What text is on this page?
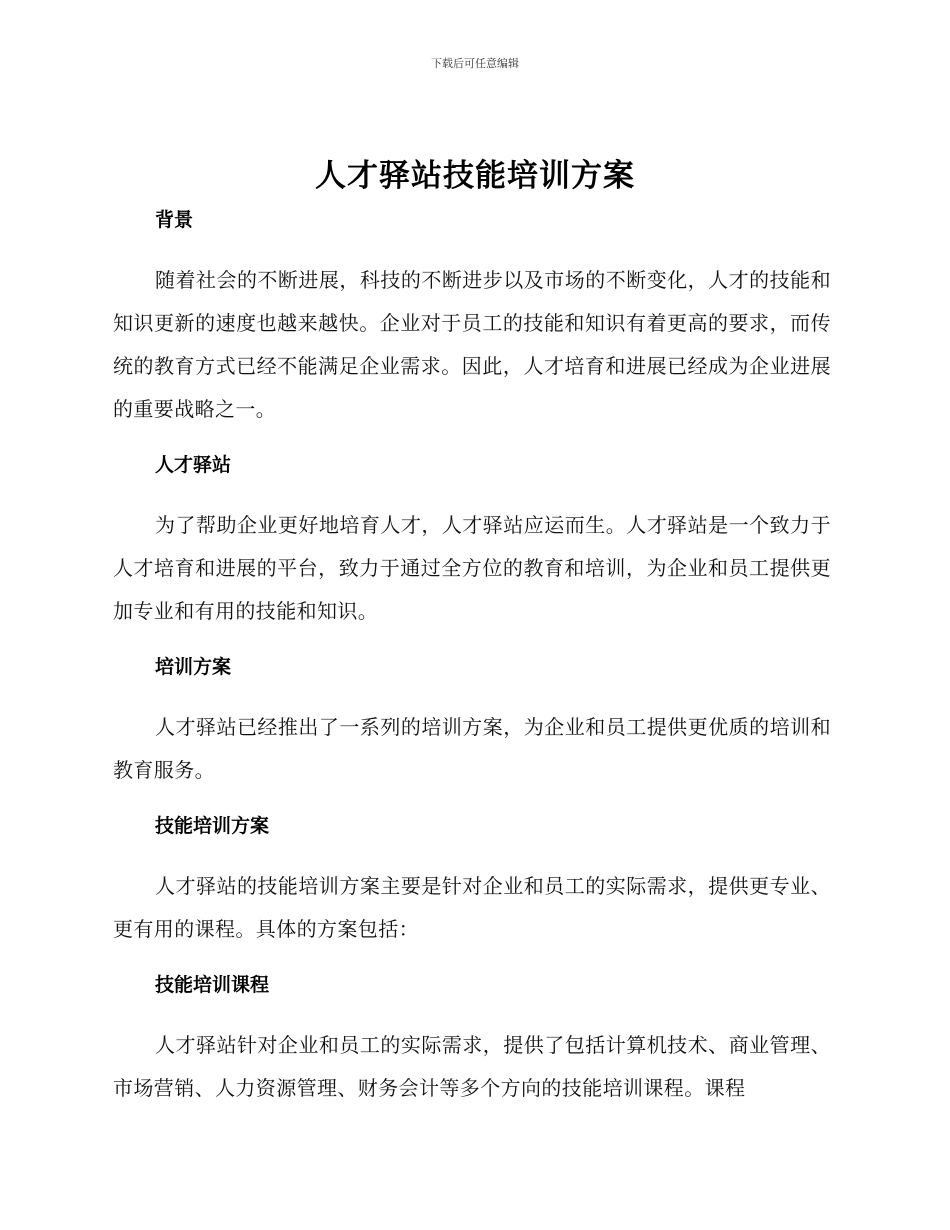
下载后可任意编辑
人才驿站技能培训方案
背景
随着社会的不断进展，科技的不断进步以及市场的不断变化，人才的技能和知识更新的速度也越来越快。企业对于员工的技能和知识有着更高的要求，而传统的教育方式已经不能满足企业需求。因此，人才培育和进展已经成为企业进展的重要战略之一。
人才驿站
为了帮助企业更好地培育人才，人才驿站应运而生。人才驿站是一个致力于人才培育和进展的平台，致力于通过全方位的教育和培训，为企业和员工提供更加专业和有用的技能和知识。
培训方案
人才驿站已经推出了一系列的培训方案，为企业和员工提供更优质的培训和教育服务。
技能培训方案
人才驿站的技能培训方案主要是针对企业和员工的实际需求，提供更专业、更有用的课程。具体的方案包括：
技能培训课程
人才驿站针对企业和员工的实际需求，提供了包括计算机技术、商业管理、市场营销、人力资源管理、财务会计等多个方向的技能培训课程。课程
